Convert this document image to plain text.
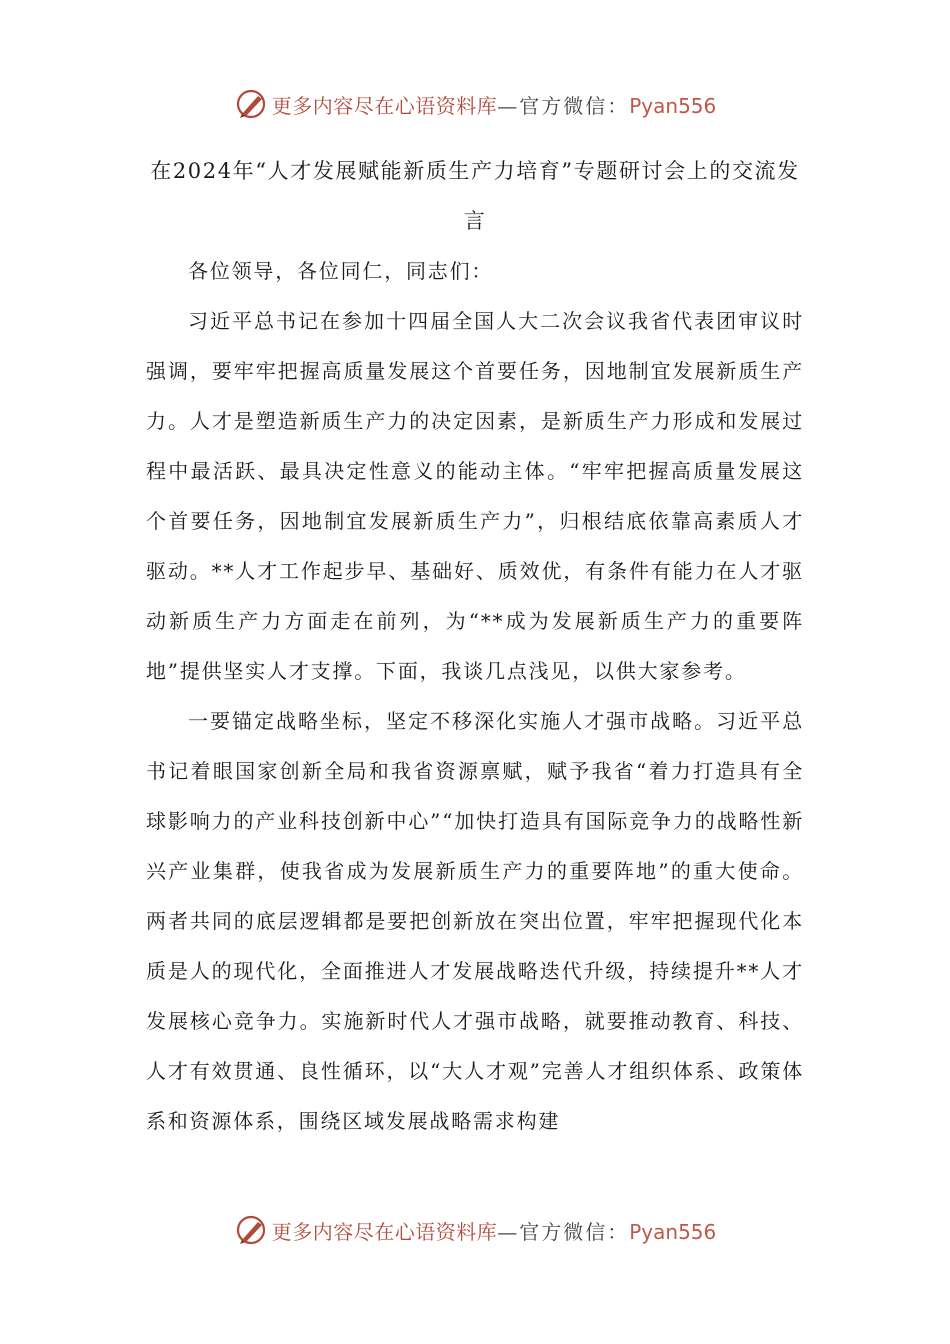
更多内容尽在心语资料库—官方微信：Pyan556
在2024年“人才发展赋能新质生产力培育”专题研讨会上的交流发言

各位领导，各位同仁，同志们：

习近平总书记在参加十四届全国人大二次会议我省代表团审议时强调，要牢牢把握高质量发展这个首要任务，因地制宜发展新质生产力。人才是塑造新质生产力的决定因素，是新质生产力形成和发展过程中最活跃、最具决定性意义的能动主体。“牢牢把握高质量发展这个首要任务，因地制宜发展新质生产力”，归根结底依靠高素质人才驱动。**人才工作起步早、基础好、质效优，有条件有能力在人才驱动新质生产力方面走在前列，为“**成为发展新质生产力的重要阵地”提供坚实人才支撑。下面，我谈几点浅见，以供大家参考。

一要锚定战略坐标，坚定不移深化实施人才强市战略。习近平总书记着眼国家创新全局和我省资源禀赋，赋予我省“着力打造具有全球影响力的产业科技创新中心”“加快打造具有国际竞争力的战略性新兴产业集群，使我省成为发展新质生产力的重要阵地”的重大使命。两者共同的底层逻辑都是要把创新放在突出位置，牢牢把握现代化本质是人的现代化，全面推进人才发展战略迭代升级，持续提升**人才发展核心竞争力。实施新时代人才强市战略，就要推动教育、科技、人才有效贯通、良性循环，以“大人才观”完善人才组织体系、政策体系和资源体系，围绕区域发展战略需求构建

更多内容尽在心语资料库—官方微信：Pyan556
